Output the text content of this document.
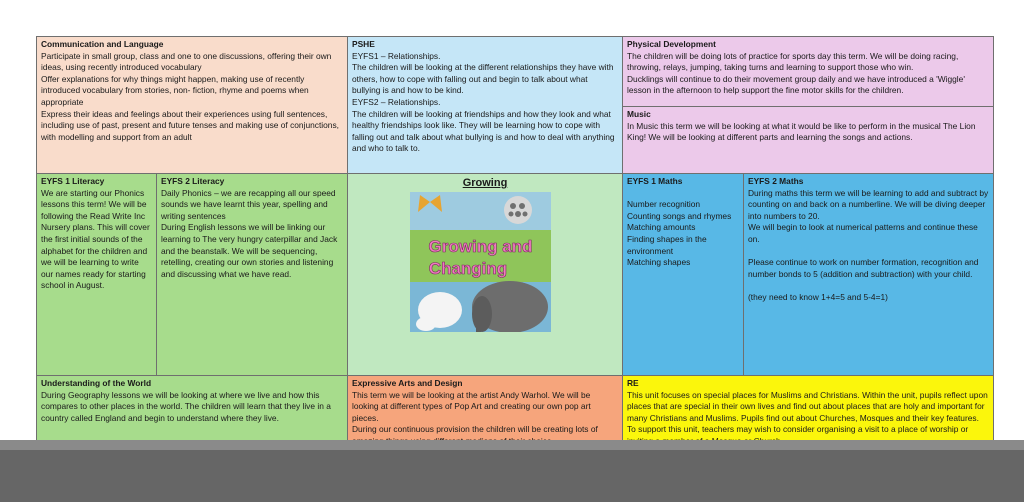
Communication and Language

Participate in small group, class and one to one discussions, offering their own ideas, using recently introduced vocabulary

Offer explanations for why things might happen, making use of recently introduced vocabulary from stories, non- fiction, rhyme and poems when appropriate

Express their ideas and feelings about their experiences using full sentences, including use of past, present and future tenses and making use of conjunctions, with modelling and support from an adult

PSHE

EYFS1 – Relationships.

The children will be looking at the different relationships they have with others, how to cope with falling out and begin to talk about what bullying is and how to be kind.

EYFS2 – Relationships.

The children will be looking at friendships and how they look and what healthy friendships look like. They will be learning how to cope with falling out and talk about what bullying is and how to deal with anything and who to talk to.

Physical Development

The children will be doing lots of practice for sports day this term. We will be doing racing, throwing, relays, jumping, taking turns and learning to support those who win.

Ducklings will continue to do their movement group daily and we have introduced a 'Wiggle' lesson in the afternoon to help support the fine motor skills for the children.

Music

In Music this term we will be looking at what it would be like to perform in the musical The Lion King! We will be looking at different parts and learning the songs and actions.

EYFS 1 Literacy

We are starting our Phonics lessons this term! We will be following the Read Write Inc Nursery plans. This will cover the first initial sounds of the alphabet for the children and we will be learning to write our names ready for starting school in August.

EYFS 2 Literacy

Daily Phonics – we are recapping all our speed sounds we have learnt this year, spelling and writing sentences

During English lessons we will be linking our learning to The very hungry caterpillar and Jack and the beanstalk. We will be sequencing, retelling, creating our own stories and listening and discussing what we have read.

Growing
Growing and
Changing
EYFS 1 Maths

Number recognition

Counting songs and rhymes

Matching amounts

Finding shapes in the environment

Matching shapes

EYFS 2 Maths

During maths this term we will be learning to add and subtract by counting on and back on a numberline. We will be diving deeper into numbers to 20.

We will begin to look at numerical patterns and continue these on.

Please continue to work on number formation, recognition and number bonds to 5 (addition and subtraction) with your child.

(they need to know 1+4=5 and 5-4=1)

Understanding of the World

During Geography lessons we will be looking at where we live and how this compares to other places in the world. The children will learn that they live in a country called England and begin to understand where they live.

Expressive Arts and Design

This term we will be looking at the artist Andy Warhol. We will be looking at different types of Pop Art and creating our own pop art pieces.

During our continuous provision the children will be creating lots of

RE

This unit focuses on special places for Muslims and Christians. Within the unit, pupils reflect upon places that are special in their own lives and find out about places that are holy and important for many Christians and Muslims. Pupils find out about Churches, Mosques and their key features. To support this unit, teachers may wish to consider organising a visit to a place of worship or
